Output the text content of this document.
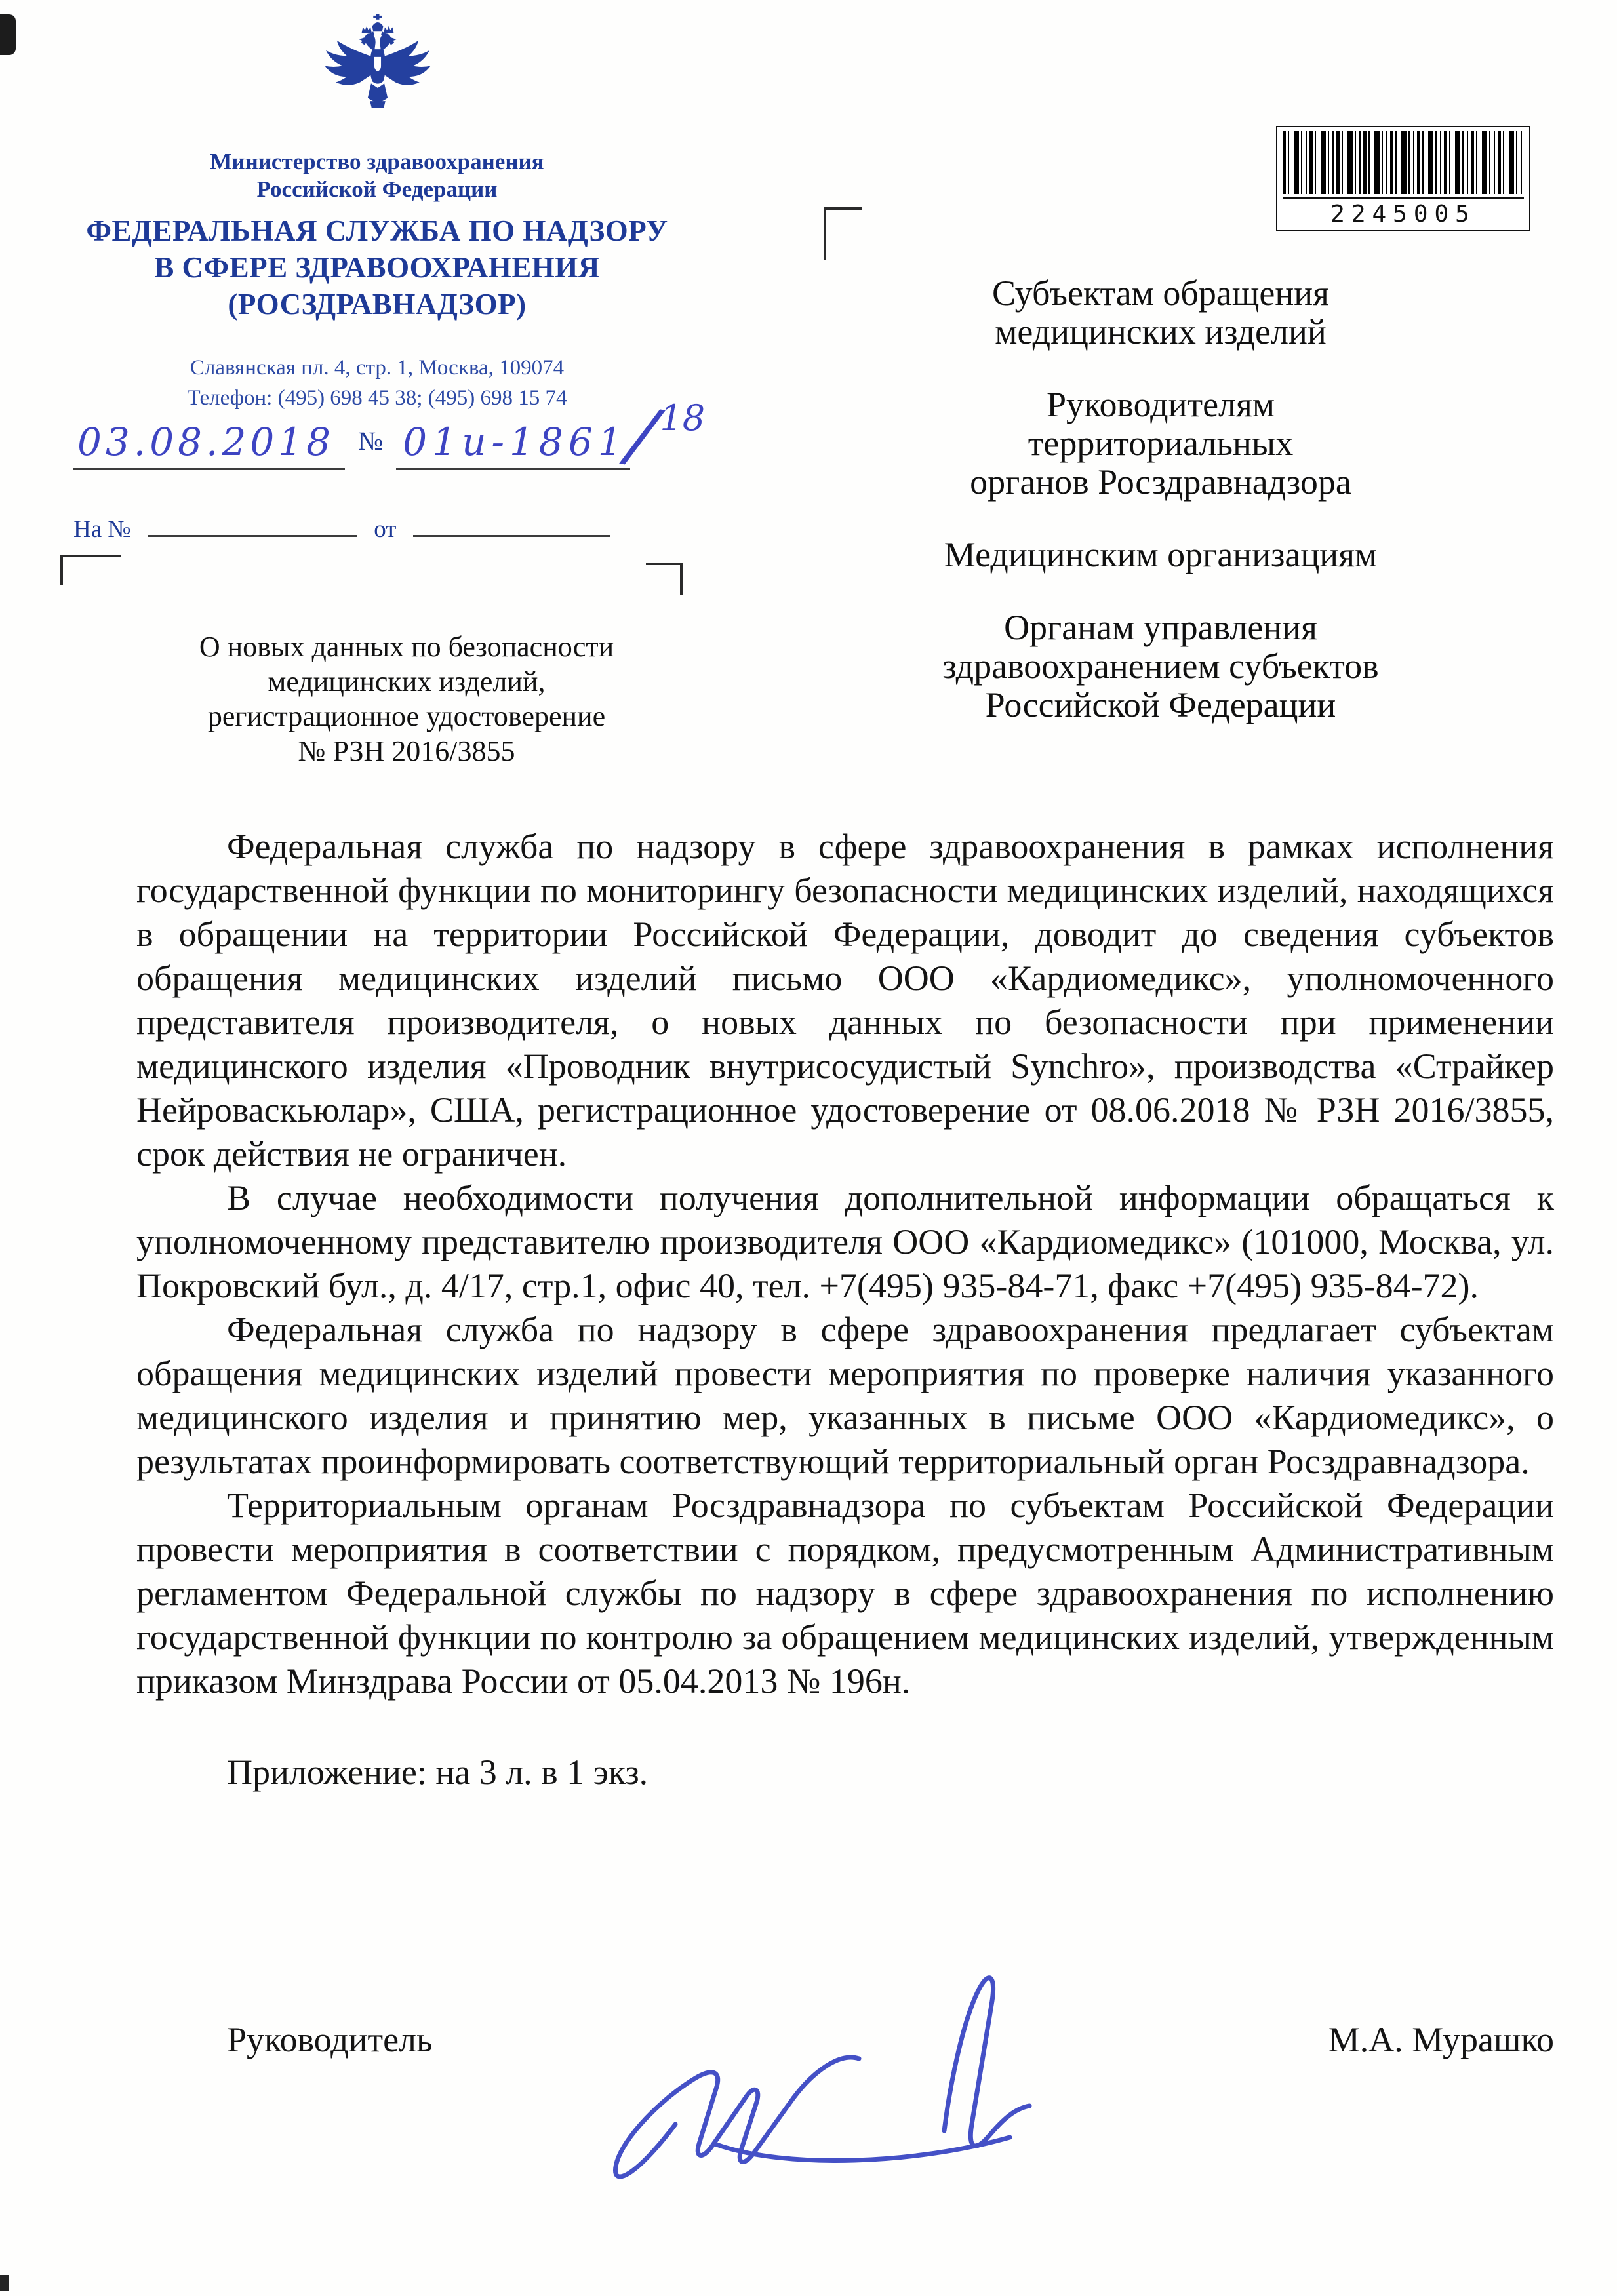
Министерство здравоохранения
Российской Федерации
ФЕДЕРАЛЬНАЯ СЛУЖБА ПО НАДЗОРУ
В СФЕРЕ ЗДРАВООХРАНЕНИЯ
(РОСЗДРАВНАДЗОР)
Славянская пл. 4, стр. 1, Москва, 109074
Телефон: (495) 698 45 38; (495) 698 15 74
03.08.2018 № 01и-1861 / 18
На №	от
2245005
Субъектам обращения
медицинских изделий
Руководителям
территориальных
органов Росздравнадзора
Медицинским организациям
Органам управления
здравоохранением субъектов
Российской Федерации
О новых данных по безопасности
медицинских изделий,
регистрационное удостоверение
№ РЗН 2016/3855

Федеральная служба по надзору в сфере здравоохранения в рамках исполнения государственной функции по мониторингу безопасности медицинских изделий, находящихся в обращении на территории Российской Федерации, доводит до сведения субъектов обращения медицинских изделий письмо ООО «Кардиомедикс», уполномоченного представителя производителя, о новых данных по безопасности при применении медицинского изделия «Проводник внутрисосудистый Synchro», производства «Страйкер Нейроваскьюлар», США, регистрационное удостоверение от 08.06.2018 № РЗН 2016/3855, срок действия не ограничен.

В случае необходимости получения дополнительной информации обращаться к уполномоченному представителю производителя ООО «Кардиомедикс» (101000, Москва, ул. Покровский бул., д. 4/17, стр.1, офис 40, тел. +7(495) 935-84-71, факс +7(495) 935-84-72).

Федеральная служба по надзору в сфере здравоохранения предлагает субъектам обращения медицинских изделий провести мероприятия по проверке наличия указанного медицинского изделия и принятию мер, указанных в письме ООО «Кардиомедикс», о результатах проинформировать соответствующий территориальный орган Росздравнадзора.

Территориальным органам Росздравнадзора по субъектам Российской Федерации провести мероприятия в соответствии с порядком, предусмотренным Административным регламентом Федеральной службы по надзору в сфере здравоохранения по исполнению государственной функции по контролю за обращением медицинских изделий, утвержденным приказом Минздрава России от 05.04.2013 № 196н.

Приложение: на 3 л. в 1 экз.

Руководитель	М.А. Мурашко
